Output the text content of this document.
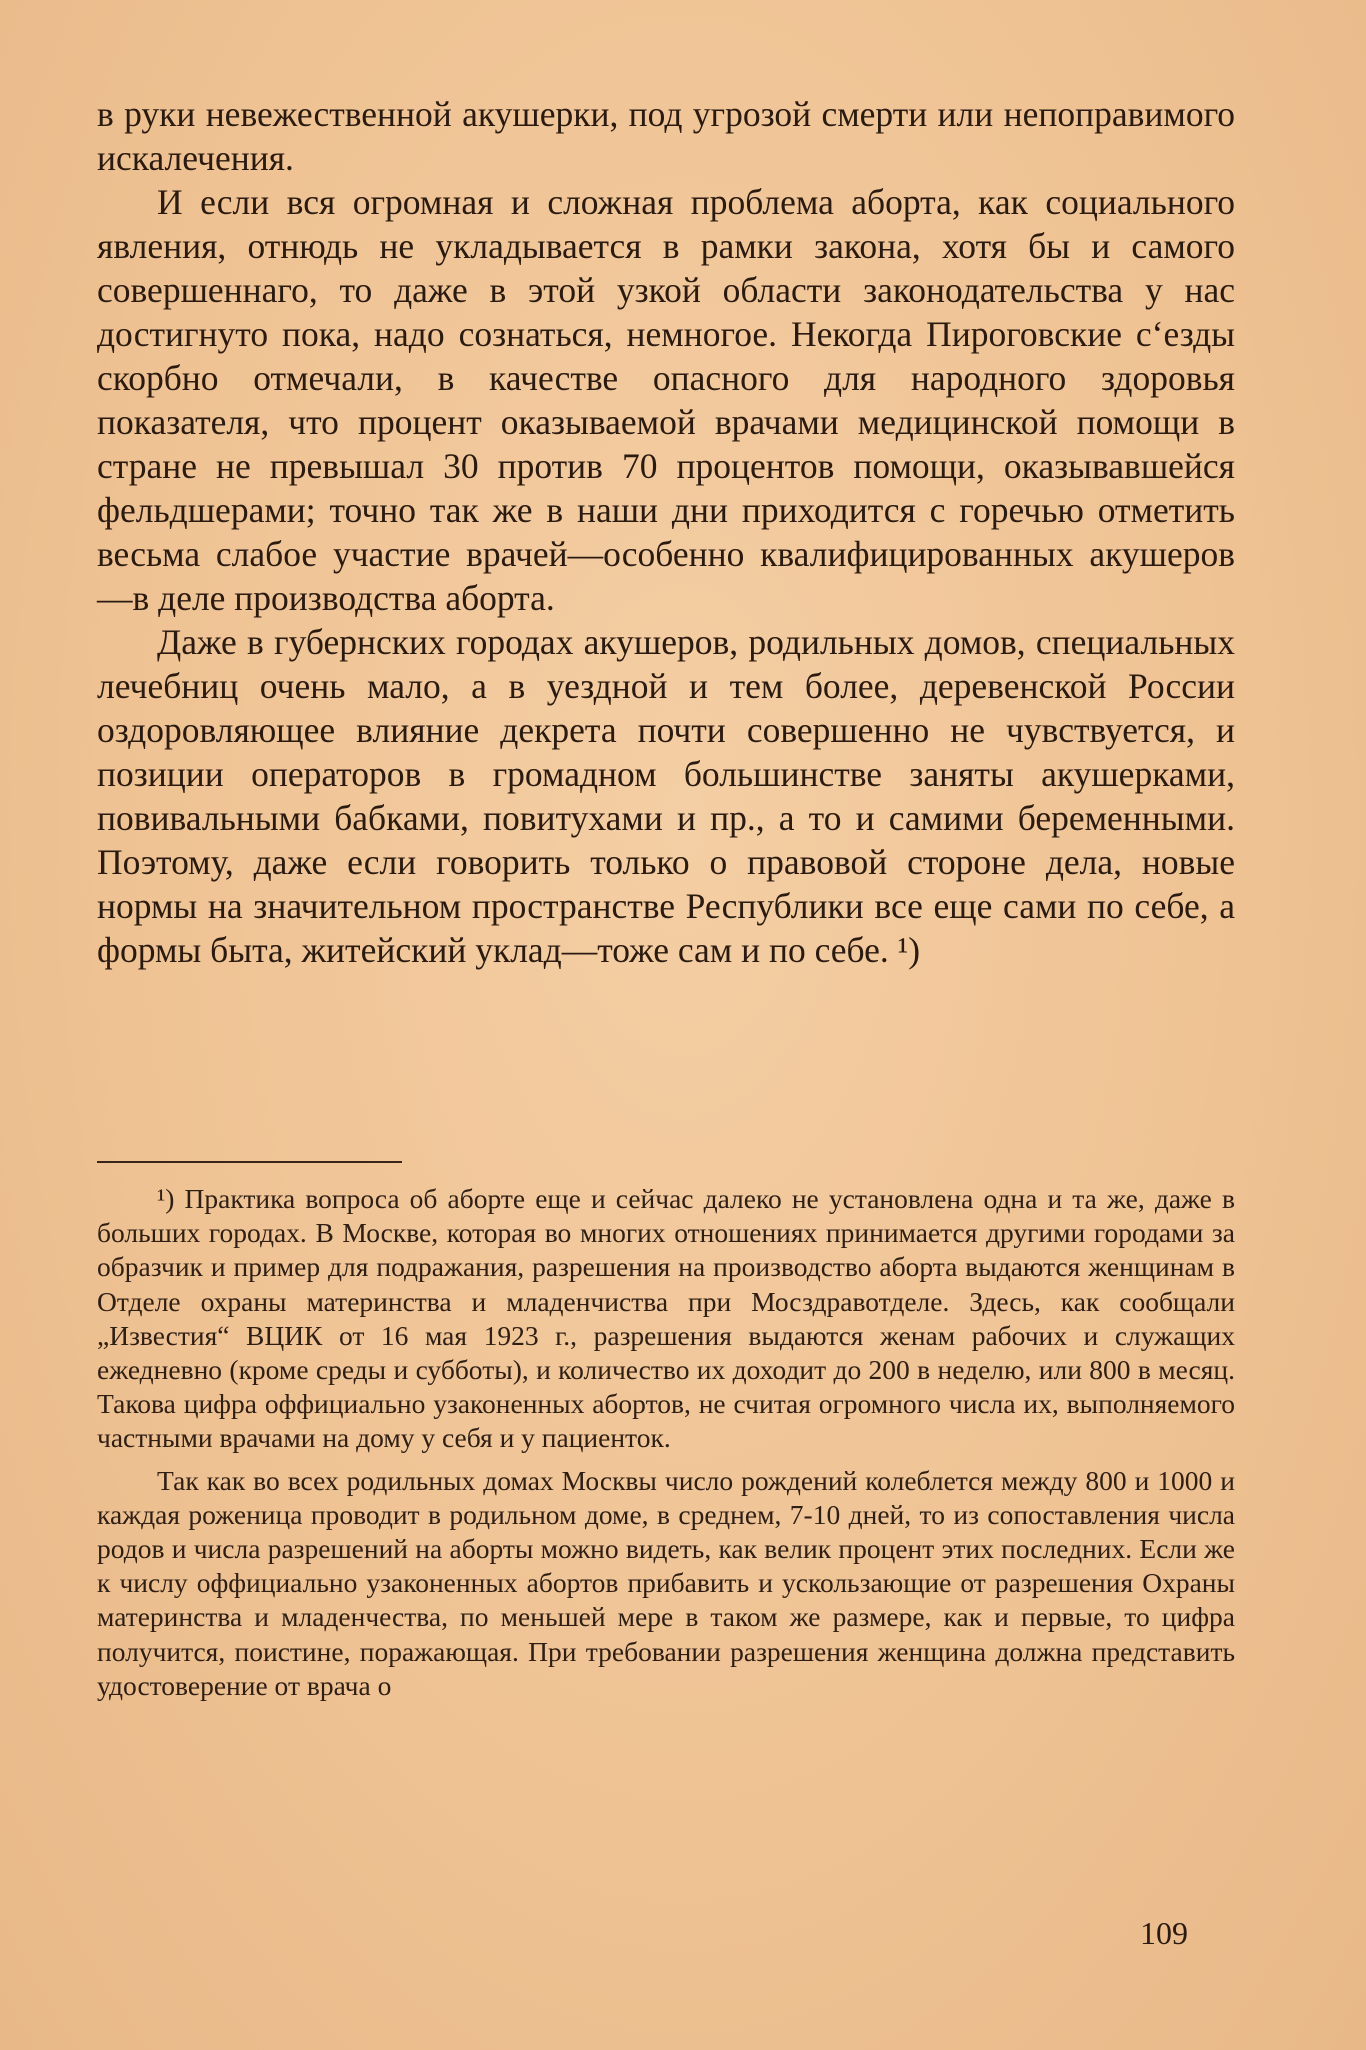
в руки невежественной акушерки, под угрозой смерти или непоправимого искалечения.

И если вся огромная и сложная проблема аборта, как социального явления, отнюдь не укладывается в рамки закона, хотя бы и самого совершеннаго, то даже в этой узкой области законодательства у нас достигнуто пока, надо сознаться, немногое. Некогда Пироговские с‘езды скорбно отмечали, в качестве опасного для народного здоровья показателя, что процент оказываемой врачами медицинской помощи в стране не превышал 30 против 70 процентов помощи, оказывавшейся фельдшерами; точно так же в наши дни приходится с горечью отметить весьма слабое участие врачей—особенно квалифицированных акушеров—в деле производства аборта.

Даже в губернских городах акушеров, родильных домов, специальных лечебниц очень мало, а в уездной и тем более, деревенской России оздоровляющее влияние декрета почти совершенно не чувствуется, и позиции операторов в громадном большинстве заняты акушерками, повивальными бабками, повитухами и пр., а то и самими беременными. Поэтому, даже если говорить только о правовой стороне дела, новые нормы на значительном пространстве Республики все еще сами по себе, а формы быта, житейский уклад—тоже сам и по себе. ¹)

¹) Практика вопроса об аборте еще и сейчас далеко не установлена одна и та же, даже в больших городах. В Москве, которая во многих отношениях принимается другими городами за образчик и пример для подражания, разрешения на производство аборта выдаются женщинам в Отделе охраны материнства и младенчиства при Мосздравотделе. Здесь, как сообщали „Известия“ ВЦИК от 16 мая 1923 г., разрешения выдаются женам рабочих и служащих ежедневно (кроме среды и субботы), и количество их доходит до 200 в неделю, или 800 в месяц. Такова цифра оффициально узаконенных абортов, не считая огромного числа их, выполняемого частными врачами на дому у себя и у пациенток.

Так как во всех родильных домах Москвы число рождений колеблется между 800 и 1000 и каждая роженица проводит в родильном доме, в среднем, 7-10 дней, то из сопоставления числа родов и числа разрешений на аборты можно видеть, как велик процент этих последних. Если же к числу оффициально узаконенных абортов прибавить и ускользающие от разрешения Охраны материнства и младенчества, по меньшей мере в таком же размере, как и первые, то цифра получится, поистине, поражающая. При требовании разрешения женщина должна представить удостоверение от врача о

109
